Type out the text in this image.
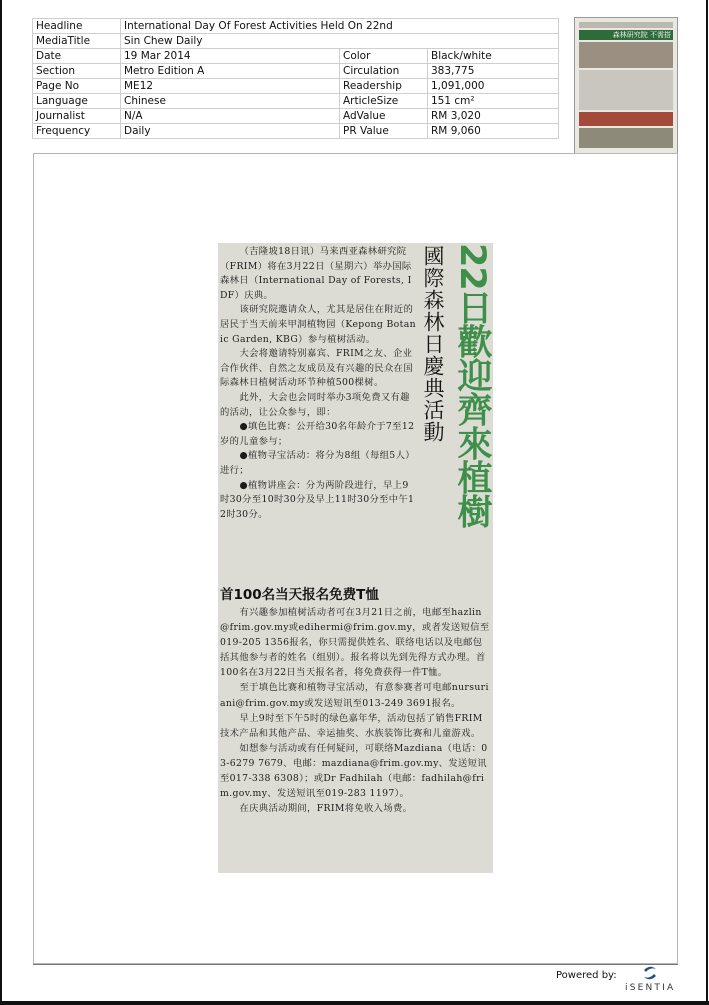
Headline	International Day Of Forest Activities Held On 22nd		
MediaTitle	Sin Chew Daily		
Date	19 Mar 2014	Color	Black/white
Section	Metro Edition A	Circulation	383,775
Page No	ME12	Readership	1,091,000
Language	Chinese	ArticleSize	151 cm²
Journalist	N/A	AdValue	RM 3,020
Frequency	Daily	PR Value	RM 9,060
森林研究院 不需搭

（吉隆坡18日讯）马来西亚森林研究院（FRIM）将在3月22日（星期六）举办国际森林日（International Day of Forests, IDF）庆典。

该研究院邀请众人，尤其是居住在附近的居民于当天前来甲洞植物园（Kepong Botanic Garden, KBG）参与植树活动。

大会将邀请特别嘉宾、FRIM之友、企业合作伙伴、自然之友成员及有兴趣的民众在国际森林日植树活动环节种植500棵树。

此外，大会也会同时举办3项免费又有趣的活动，让公众参与，即：

●填色比赛：公开给30名年龄介于7至12岁的儿童参与；

●植物寻宝活动：将分为8组（每组5人）进行；

●植物讲座会：分为两阶段进行，早上9时30分至10时30分及早上11时30分至中午12时30分。

國際森林日慶典活動 22日歡迎齊來植樹
首100名当天报名免费T恤

有兴趣参加植树活动者可在3月21日之前，电邮至hazlin@frim.gov.my或edihermi@frim.gov.my，或者发送短信至019-205 1356报名，你只需提供姓名、联络电话以及电邮包括其他参与者的姓名（组别）。报名将以先到先得方式办理。首100名在3月22日当天报名者，将免费获得一件T恤。

至于填色比赛和植物寻宝活动，有意参赛者可电邮nursuriani@frim.gov.my或发送短讯至013-249 3691报名。

早上9时至下午5时的绿色嘉年华，活动包括了销售FRIM技术产品和其他产品、幸运抽奖、水族装饰比赛和儿童游戏。

如想参与活动或有任何疑问，可联络Mazdiana（电话：03-6279 7679、电邮：mazdiana@frim.gov.my、发送短讯至017-338 6308）；或Dr Fadhilah（电邮：fadhilah@frim.gov.my、发送短讯至019-283 1197）。

在庆典活动期间，FRIM将免收入场费。

Powered by:
iSENTIA
